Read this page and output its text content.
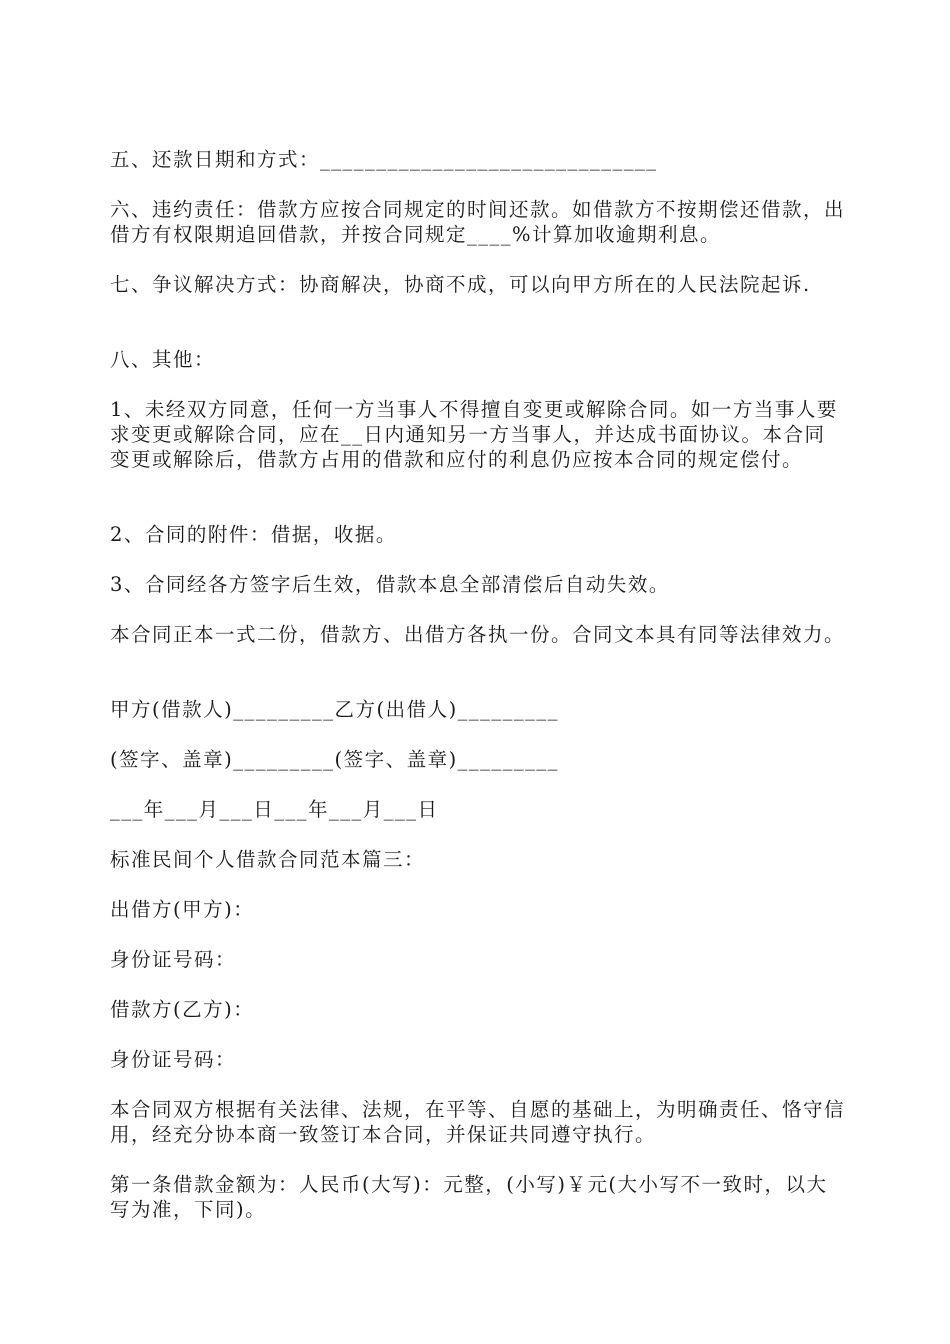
五、还款日期和方式：______________________________
六、违约责任：借款方应按合同规定的时间还款。如借款方不按期偿还借款，出借方有权限期追回借款，并按合同规定____%计算加收逾期利息。
七、争议解决方式：协商解决，协商不成，可以向甲方所在的人民法院起诉.
八、其他：
1、未经双方同意，任何一方当事人不得擅自变更或解除合同。如一方当事人要求变更或解除合同，应在__日内通知另一方当事人，并达成书面协议。本合同变更或解除后，借款方占用的借款和应付的利息仍应按本合同的规定偿付。
2、合同的附件：借据，收据。
3、合同经各方签字后生效，借款本息全部清偿后自动失效。
本合同正本一式二份，借款方、出借方各执一份。合同文本具有同等法律效力。
甲方(借款人)_________乙方(出借人)_________
(签字、盖章)_________(签字、盖章)_________
___年___月___日___年___月___日
标准民间个人借款合同范本篇三：
出借方(甲方)：
身份证号码：
借款方(乙方)：
身份证号码：
本合同双方根据有关法律、法规，在平等、自愿的基础上，为明确责任、恪守信用，经充分协本商一致签订本合同，并保证共同遵守执行。
第一条借款金额为：人民币(大写)：元整，(小写)￥元(大小写不一致时，以大写为准，下同)。
